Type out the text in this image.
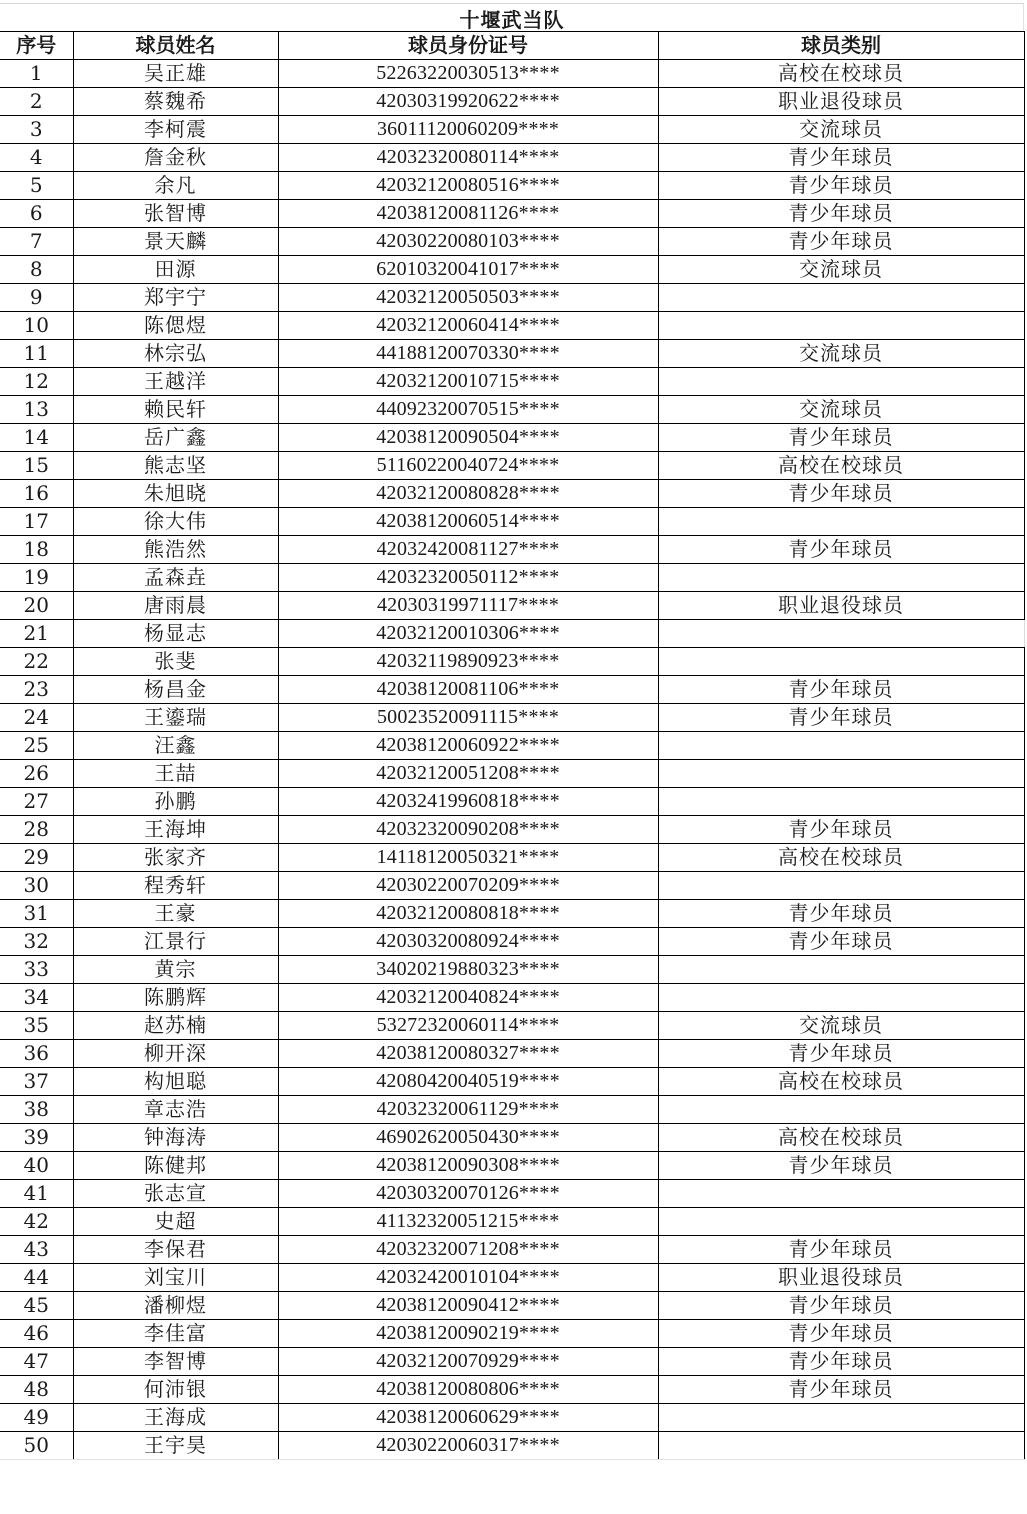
十堰武当队
序号	球员姓名	球员身份证号	球员类别
1	吴正雄	52263220030513****	高校在校球员
2	蔡魏希	42030319920622****	职业退役球员
3	李柯震	36011120060209****	交流球员
4	詹金秋	42032320080114****	青少年球员
5	余凡	42032120080516****	青少年球员
6	张智博	42038120081126****	青少年球员
7	景天麟	42030220080103****	青少年球员
8	田源	62010320041017****	交流球员
9	郑宇宁	42032120050503****	
10	陈偲煜	42032120060414****	
11	林宗弘	44188120070330****	交流球员
12	王越洋	42032120010715****	
13	赖民轩	44092320070515****	交流球员
14	岳广鑫	42038120090504****	青少年球员
15	熊志坚	51160220040724****	高校在校球员
16	朱旭晓	42032120080828****	青少年球员
17	徐大伟	42038120060514****	
18	熊浩然	42032420081127****	青少年球员
19	孟森垚	42032320050112****	
20	唐雨晨	42030319971117****	职业退役球员
21	杨显志	42032120010306****	
22	张斐	42032119890923****	
23	杨昌金	42038120081106****	青少年球员
24	王鎏瑞	50023520091115****	青少年球员
25	汪鑫	42038120060922****	
26	王喆	42032120051208****	
27	孙鹏	42032419960818****	
28	王海坤	42032320090208****	青少年球员
29	张家齐	14118120050321****	高校在校球员
30	程秀轩	42030220070209****	
31	王豪	42032120080818****	青少年球员
32	江景行	42030320080924****	青少年球员
33	黄宗	34020219880323****	
34	陈鹏辉	42032120040824****	
35	赵苏楠	53272320060114****	交流球员
36	柳开深	42038120080327****	青少年球员
37	构旭聪	42080420040519****	高校在校球员
38	章志浩	42032320061129****	
39	钟海涛	46902620050430****	高校在校球员
40	陈健邦	42038120090308****	青少年球员
41	张志宣	42030320070126****	
42	史超	41132320051215****	
43	李保君	42032320071208****	青少年球员
44	刘宝川	42032420010104****	职业退役球员
45	潘柳煜	42038120090412****	青少年球员
46	李佳富	42038120090219****	青少年球员
47	李智博	42032120070929****	青少年球员
48	何沛银	42038120080806****	青少年球员
49	王海成	42038120060629****	
50	王宇昊	42030220060317****	
